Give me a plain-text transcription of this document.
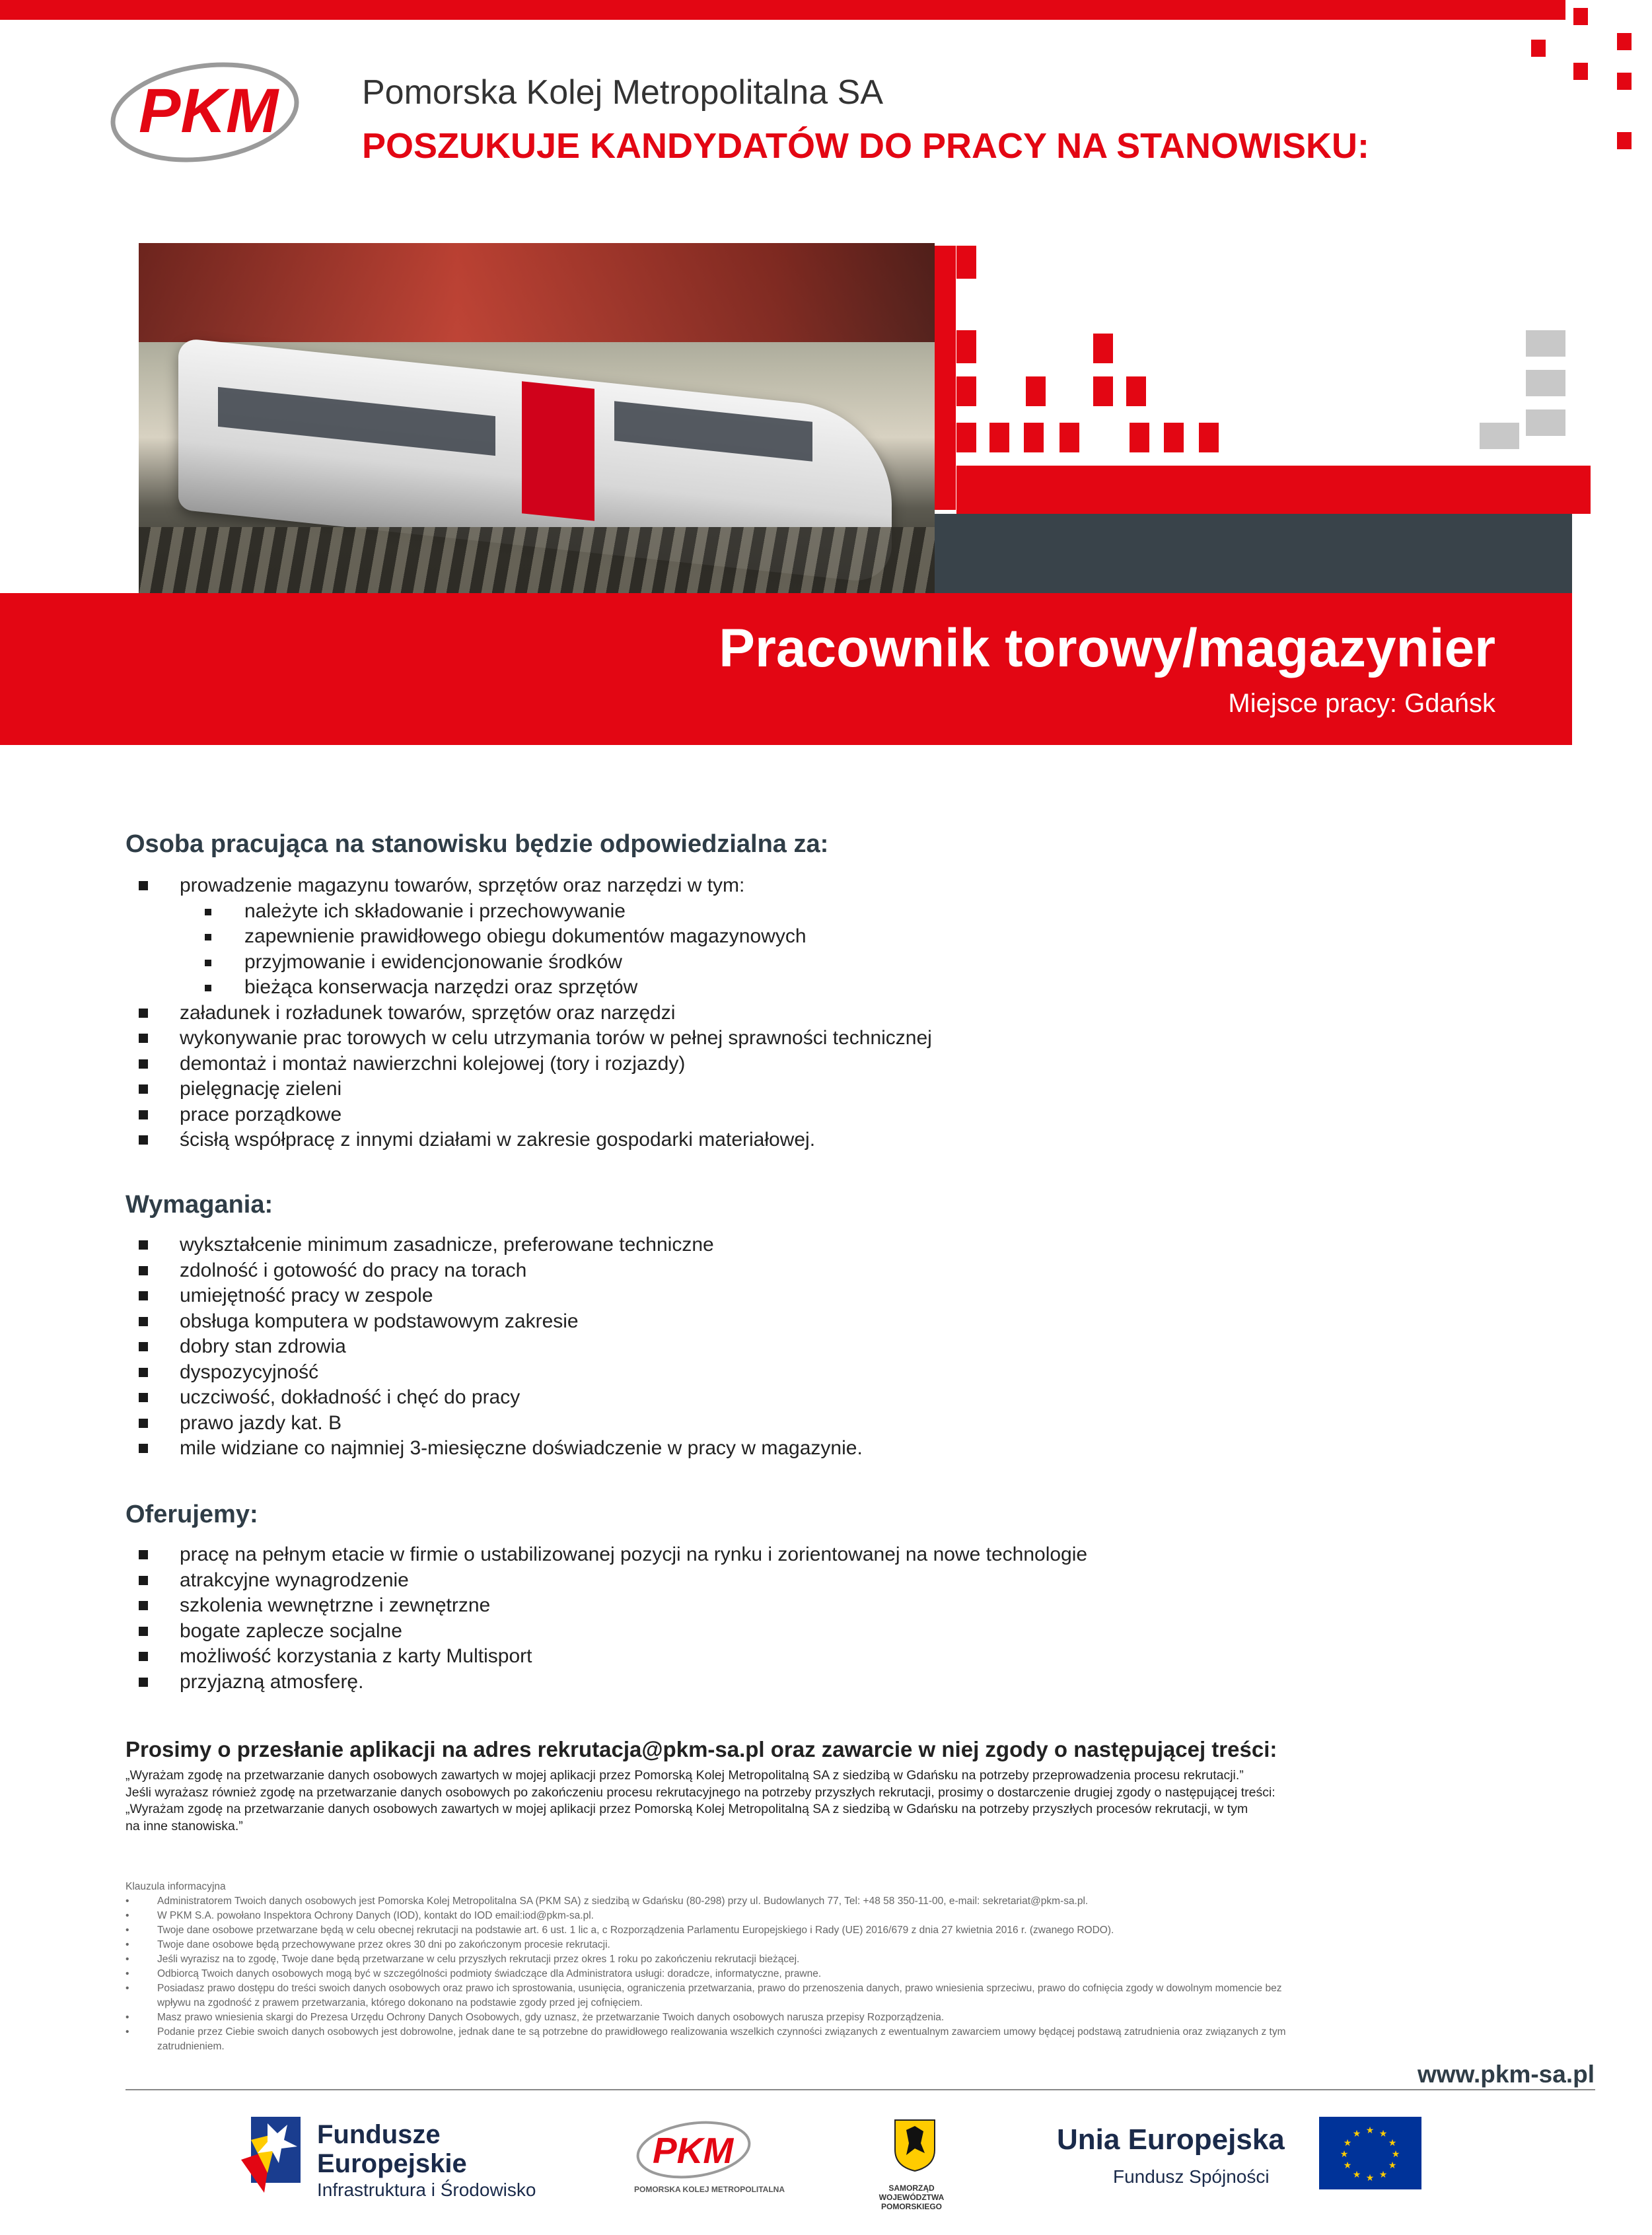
PKM Pomorska Kolej Metropolitalna SA
POSZUKUJE KANDYDATÓW DO PRACY NA STANOWISKU:
Pracownik torowy/magazynier
Miejsce pracy: Gdańsk
Osoba pracująca na stanowisku będzie odpowiedzialna za:
prowadzenie magazynu towarów, sprzętów oraz narzędzi w tym:
należyte ich składowanie i przechowywanie
zapewnienie prawidłowego obiegu dokumentów magazynowych
przyjmowanie i ewidencjonowanie środków
bieżąca konserwacja narzędzi oraz sprzętów
załadunek i rozładunek towarów, sprzętów oraz narzędzi
wykonywanie prac torowych w celu utrzymania torów w pełnej sprawności technicznej
demontaż i montaż nawierzchni kolejowej (tory i rozjazdy)
pielęgnację zieleni
prace porządkowe
ścisłą współpracę z innymi działami w zakresie gospodarki materiałowej.
Wymagania:
wykształcenie minimum zasadnicze, preferowane techniczne
zdolność i gotowość do pracy na torach
umiejętność pracy w zespole
obsługa komputera w podstawowym zakresie
dobry stan zdrowia
dyspozycyjność
uczciwość, dokładność i chęć do pracy
prawo jazdy kat. B
mile widziane co najmniej 3-miesięczne doświadczenie w pracy w magazynie.
Oferujemy:
pracę na pełnym etacie w firmie o ustabilizowanej pozycji na rynku i zorientowanej na nowe technologie
atrakcyjne wynagrodzenie
szkolenia wewnętrzne i zewnętrzne
bogate zaplecze socjalne
możliwość korzystania z karty Multisport
przyjazną atmosferę.
Prosimy o przesłanie aplikacji na adres rekrutacja@pkm-sa.pl oraz zawarcie w niej zgody o następującej treści:
„Wyrażam zgodę na przetwarzanie danych osobowych zawartych w mojej aplikacji przez Pomorską Kolej Metropolitalną SA z siedzibą w Gdańsku na potrzeby przeprowadzenia procesu rekrutacji.”
Jeśli wyrażasz również zgodę na przetwarzanie danych osobowych po zakończeniu procesu rekrutacyjnego na potrzeby przyszłych rekrutacji, prosimy o dostarczenie drugiej zgody o następującej treści:
„Wyrażam zgodę na przetwarzanie danych osobowych zawartych w mojej aplikacji przez Pomorską Kolej Metropolitalną SA z siedzibą w Gdańsku na potrzeby przyszłych procesów rekrutacji, w tym
na inne stanowiska.”
Klauzula informacyjna
• Administratorem Twoich danych osobowych jest Pomorska Kolej Metropolitalna SA (PKM SA) z siedzibą w Gdańsku (80-298) przy ul. Budowlanych 77, Tel: +48 58 350-11-00, e-mail: sekretariat@pkm-sa.pl.
• W PKM S.A. powołano Inspektora Ochrony Danych (IOD), kontakt do IOD email:iod@pkm-sa.pl.
• Twoje dane osobowe przetwarzane będą w celu obecnej rekrutacji na podstawie art. 6 ust. 1 lic a, c Rozporządzenia Parlamentu Europejskiego i Rady (UE) 2016/679 z dnia 27 kwietnia 2016 r. (zwanego RODO).
• Twoje dane osobowe będą przechowywane przez okres 30 dni po zakończonym procesie rekrutacji.
• Jeśli wyrazisz na to zgodę, Twoje dane będą przetwarzane w celu przyszłych rekrutacji przez okres 1 roku po zakończeniu rekrutacji bieżącej.
• Odbiorcą Twoich danych osobowych mogą być w szczególności podmioty świadczące dla Administratora usługi: doradcze, informatyczne, prawne.
• Posiadasz prawo dostępu do treści swoich danych osobowych oraz prawo ich sprostowania, usunięcia, ograniczenia przetwarzania, prawo do przenoszenia danych, prawo wniesienia sprzeciwu, prawo do cofnięcia zgody w dowolnym momencie bez
wpływu na zgodność z prawem przetwarzania, którego dokonano na podstawie zgody przed jej cofnięciem.
• Masz prawo wniesienia skargi do Prezesa Urzędu Ochrony Danych Osobowych, gdy uznasz, że przetwarzanie Twoich danych osobowych narusza przepisy Rozporządzenia.
• Podanie przez Ciebie swoich danych osobowych jest dobrowolne, jednak dane te są potrzebne do prawidłowego realizowania wszelkich czynności związanych z ewentualnym zawarciem umowy będącej podstawą zatrudnienia oraz związanych z tym
zatrudnieniem.
www.pkm-sa.pl
Fundusze
Europejskie
Infrastruktura i Środowisko
PKM
POMORSKA KOLEJ METROPOLITALNA	SAMORZĄD
WOJEWÓDZTWA POMORSKIEGO
Unia Europejska
Fundusz Spójności
★ ★
★
★
★
★
★
★
★
★
★
★
